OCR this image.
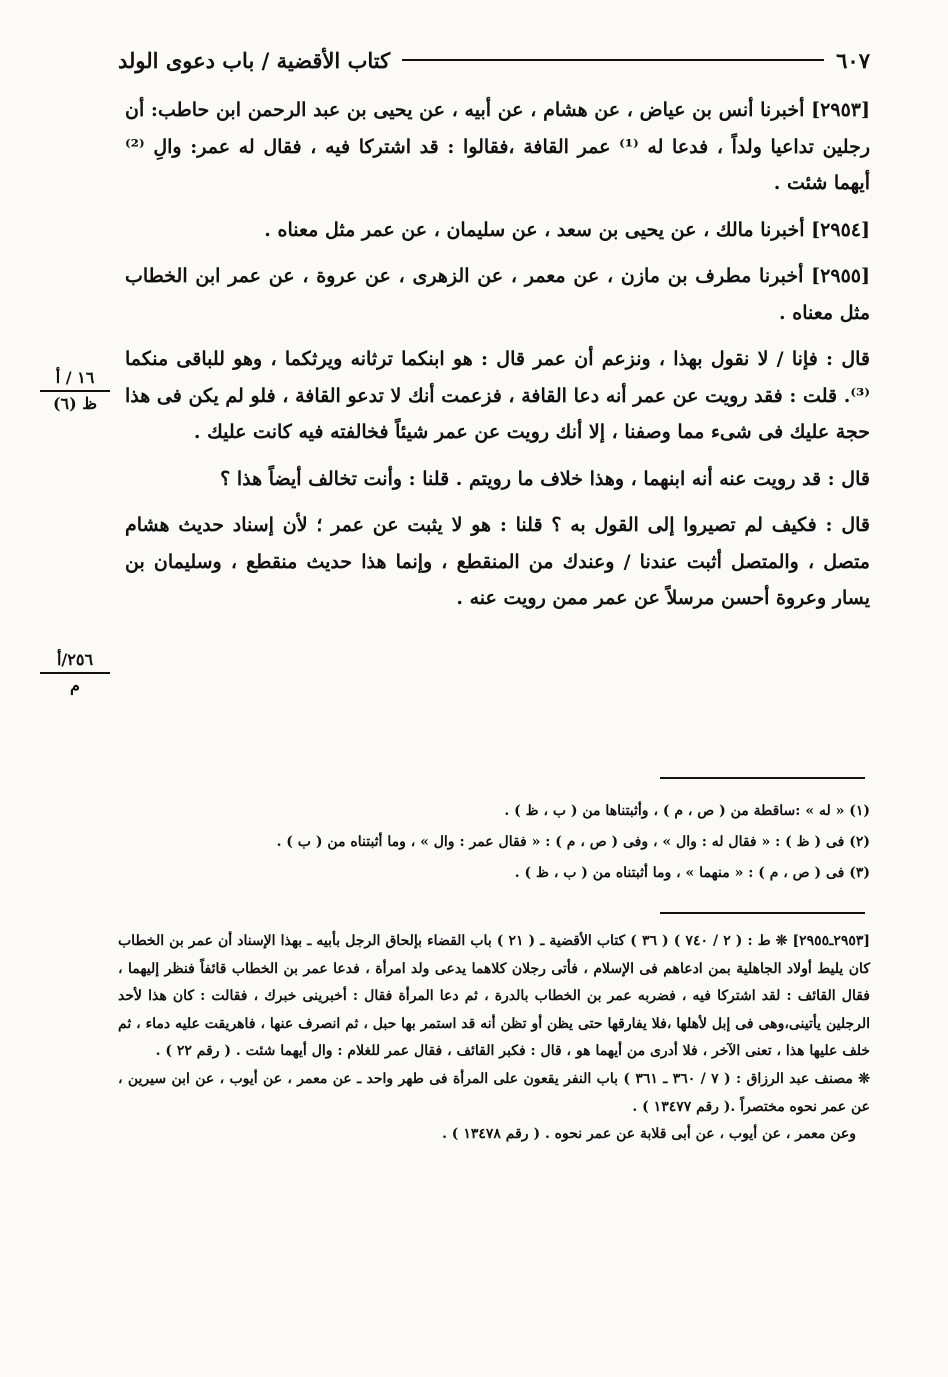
كتاب الأقضية / باب دعوى الولد	٦٠٧

[٢٩٥٣] أخبرنا أنس بن عياض ، عن هشام ، عن أبيه ، عن يحيى بن عبد الرحمن ابن حاطب: أن رجلين تداعيا ولداً ، فدعا له ⁽¹⁾ عمر القافة ،فقالوا : قد اشتركا فيه ، فقال له عمر: والِ ⁽²⁾ أيهما شئت .

[٢٩٥٤] أخبرنا مالك ، عن يحيى بن سعد ، عن سليمان ، عن عمر مثل معناه .

[٢٩٥٥] أخبرنا مطرف بن مازن ، عن معمر ، عن الزهرى ، عن عروة ، عن عمر ابن الخطاب مثل معناه .

قال : فإنا / لا نقول بهذا ، ونزعم أن عمر قال : هو ابنكما ترثانه ويرثكما ، وهو للباقى منكما ⁽³⁾. قلت : فقد رويت عن عمر أنه دعا القافة ، فزعمت أنك لا تدعو القافة ، فلو لم يكن فى هذا حجة عليك فى شىء مما وصفنا ، إلا أنك رويت عن عمر شيئاً فخالفته فيه كانت عليك .

قال : قد رويت عنه أنه ابنهما ، وهذا خلاف ما رويتم . قلنا : وأنت تخالف أيضاً هذا ؟

قال : فكيف لم تصيروا إلى القول به ؟ قلنا : هو لا يثبت عن عمر ؛ لأن إسناد حديث هشام متصل ، والمتصل أثبت عندنا / وعندك من المنقطع ، وإنما هذا حديث منقطع ، وسليمان بن يسار وعروة أحسن مرسلاً عن عمر ممن رويت عنه .

١٦ / أ
ظ (٦)
٢٥٦/أ
م
(١) « له » :ساقطة من ( ص ، م ) ، وأثبتناها من ( ب ، ظ ) .
(٢) فى ( ظ ) : « فقال له : وال » ، وفى ( ص ، م ) : « فقال عمر : وال » ، وما أثبتناه من ( ب ) .
(٣) فى ( ص ، م ) : « منهما » ، وما أثبتناه من ( ب ، ظ ) .
[٢٩٥٣ـ٢٩٥٥] ❊ ط : ( ٢ / ٧٤٠ ) ( ٣٦ ) كتاب الأقضية ـ ( ٢١ ) باب القضاء بإلحاق الرجل بأبيه ـ بهذا الإسناد أن عمر بن الخطاب كان يليط أولاد الجاهلية بمن ادعاهم فى الإسلام ، فأتى رجلان كلاهما يدعى ولد امرأة ، فدعا عمر بن الخطاب قائفاً فنظر إليهما ، فقال القائف : لقد اشتركا فيه ، فضربه عمر بن الخطاب بالدرة ، ثم دعا المرأة فقال : أخبرينى خبرك ، فقالت : كان هذا لأحد الرجلين يأتينى،وهى فى إبل لأهلها ،فلا يفارقها حتى يظن أو تظن أنه قد استمر بها حبل ، ثم انصرف عنها ، فاهريقت عليه دماء ، ثم خلف عليها هذا ، تعنى الآخر ، فلا أدرى من أيهما هو ، قال : فكبر القائف ، فقال عمر للغلام : وال أيهما شئت . ( رقم ٢٢ ) .
❊ مصنف عبد الرزاق : ( ٧ / ٣٦٠ ـ ٣٦١ ) باب النفر يقعون على المرأة فى طهر واحد ـ عن معمر ، عن أيوب ، عن ابن سيرين ، عن عمر نحوه مختصراً .( رقم ١٣٤٧٧ ) .
وعن معمر ، عن أيوب ، عن أبى قلابة عن عمر نحوه . ( رقم ١٣٤٧٨ ) .
